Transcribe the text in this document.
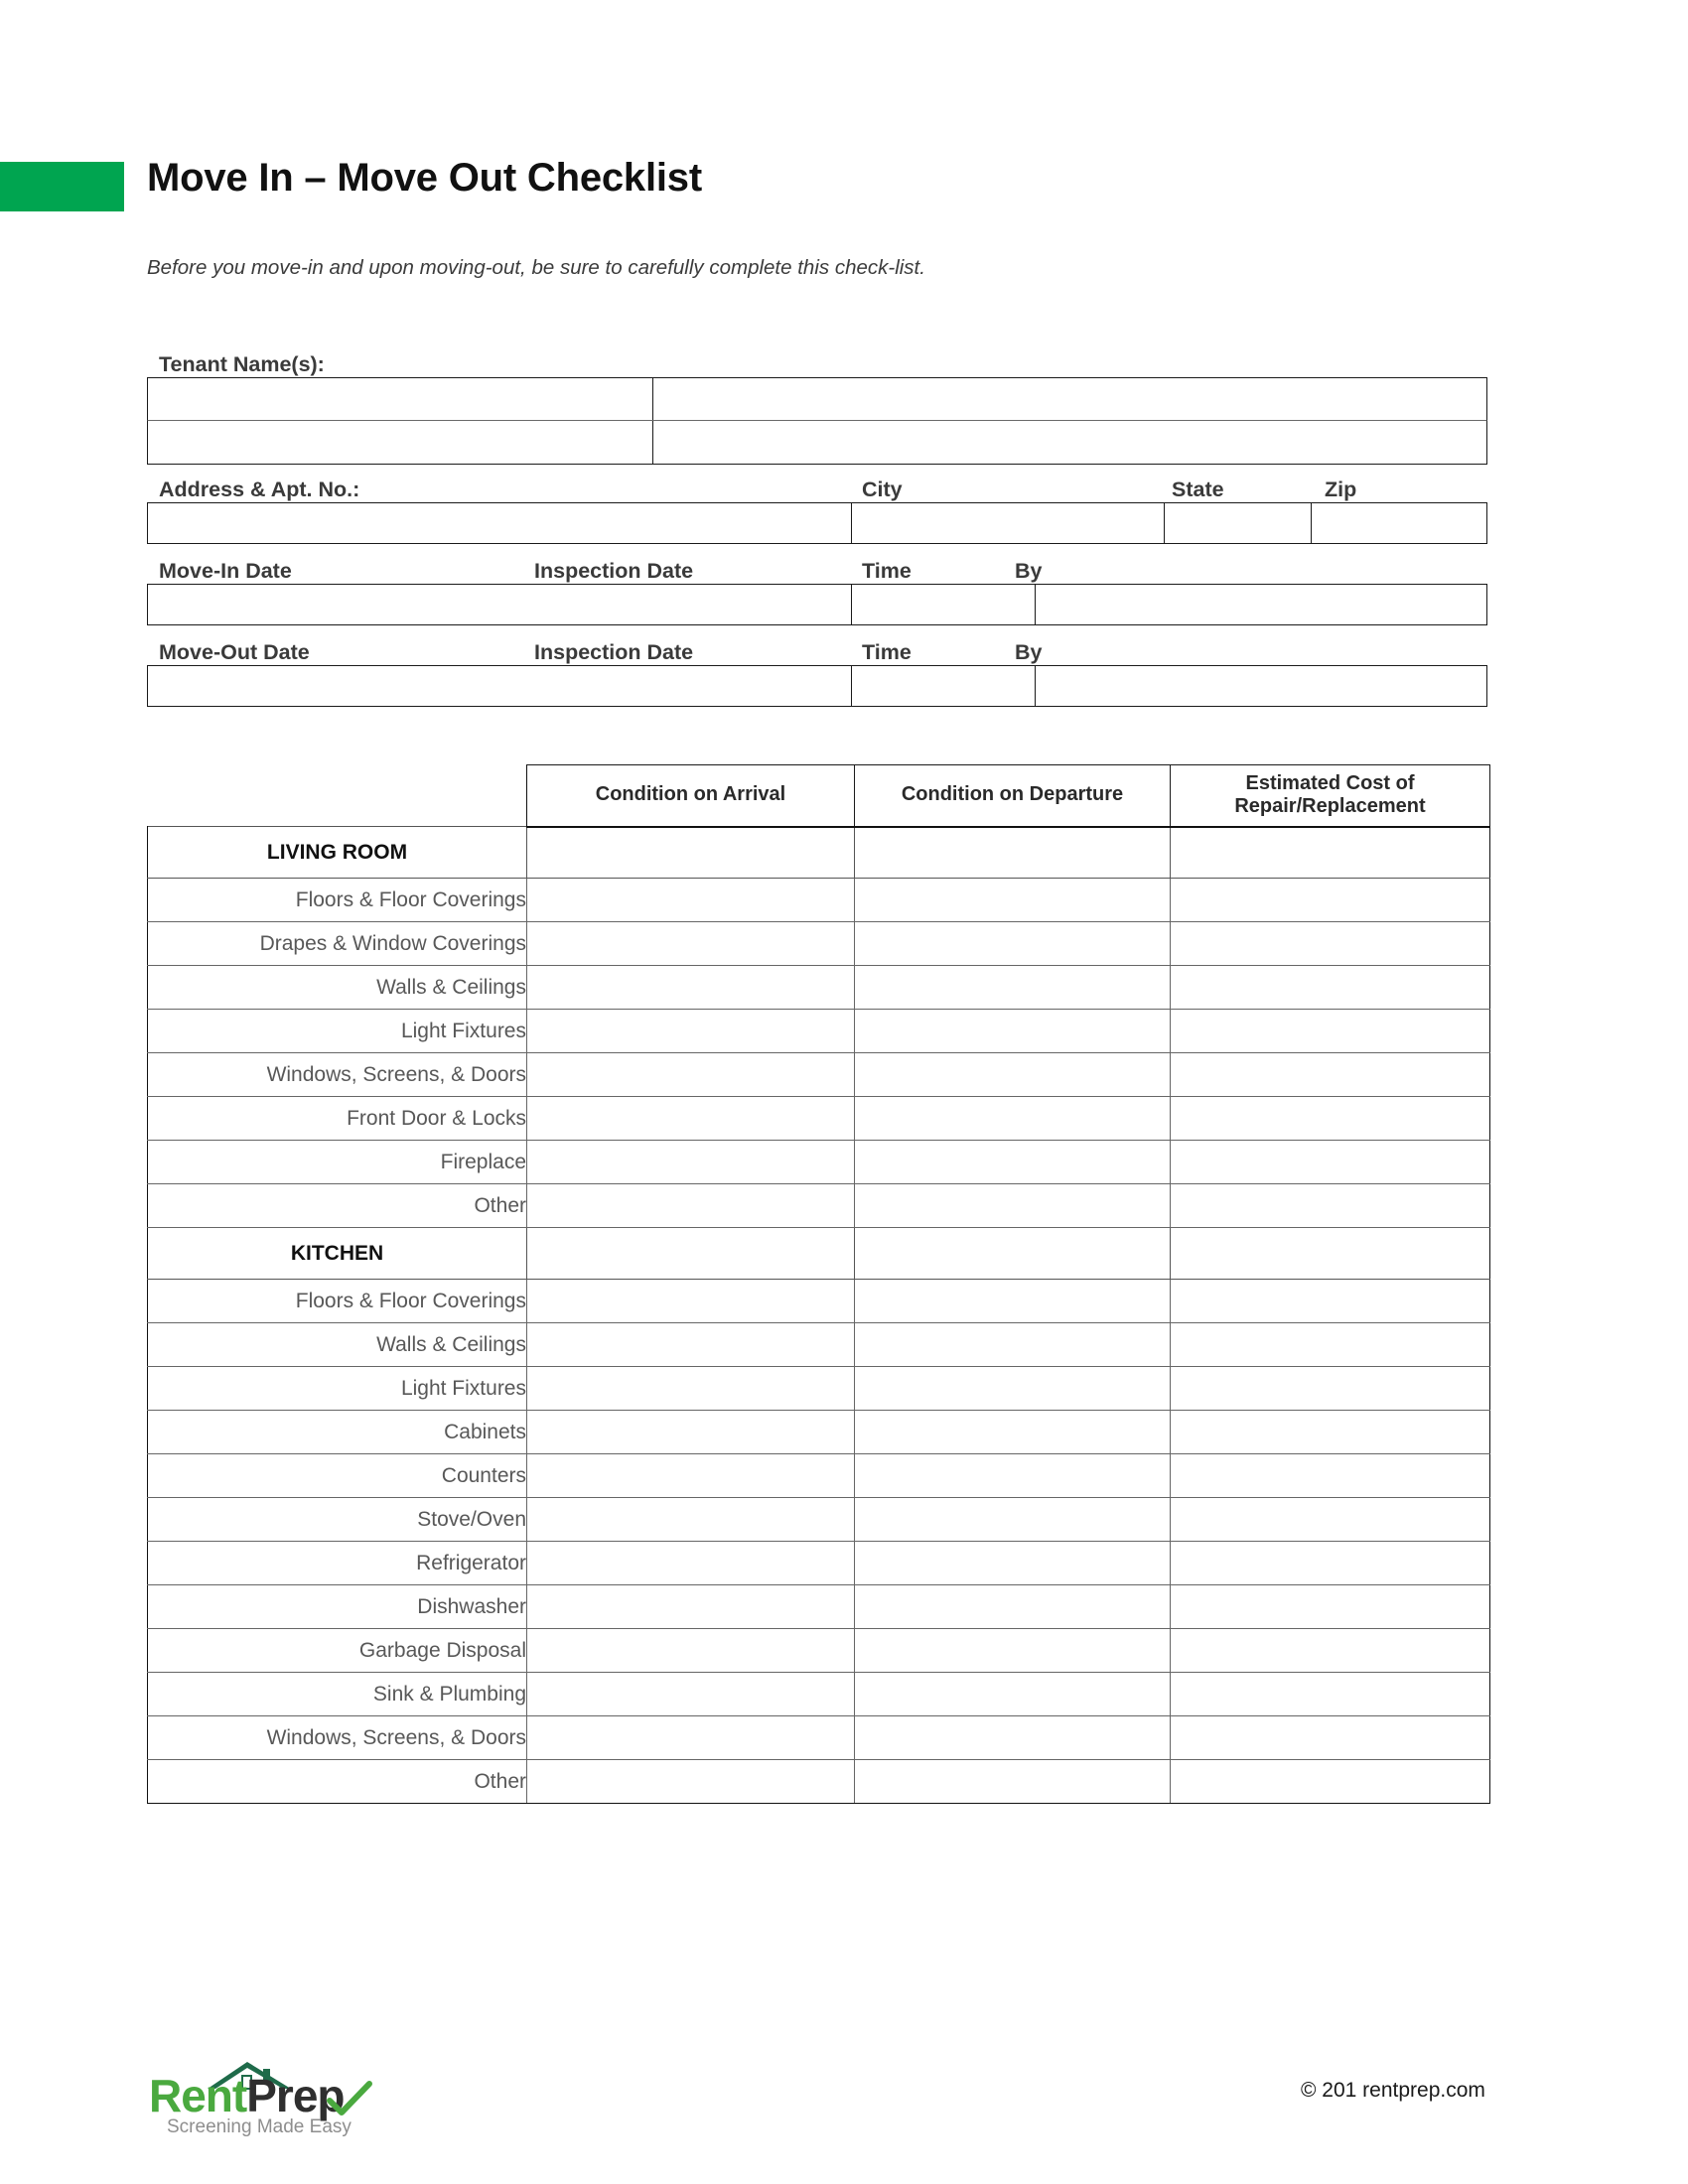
Move In – Move Out Checklist
Before you move-in and upon moving-out, be sure to carefully complete this check-list.
Tenant Name(s):
Address & Apt. No.:	City	State	Zip
Move-In Date	Inspection Date	Time	By
Move-Out Date	Inspection Date	Time	By
	Condition on Arrival	Condition on Departure	Estimated Cost of
Repair/Replacement
LIVING ROOM			
Floors & Floor Coverings			
Drapes & Window Coverings			
Walls & Ceilings			
Light Fixtures			
Windows, Screens, & Doors			
Front Door & Locks			
Fireplace			
Other			
KITCHEN			
Floors & Floor Coverings			
Walls & Ceilings			
Light Fixtures			
Cabinets			
Counters			
Stove/Oven			
Refrigerator			
Dishwasher			
Garbage Disposal			
Sink & Plumbing			
Windows, Screens, & Doors			
Other			
RentPrep
Screening Made Easy
© 201 rentprep.com
